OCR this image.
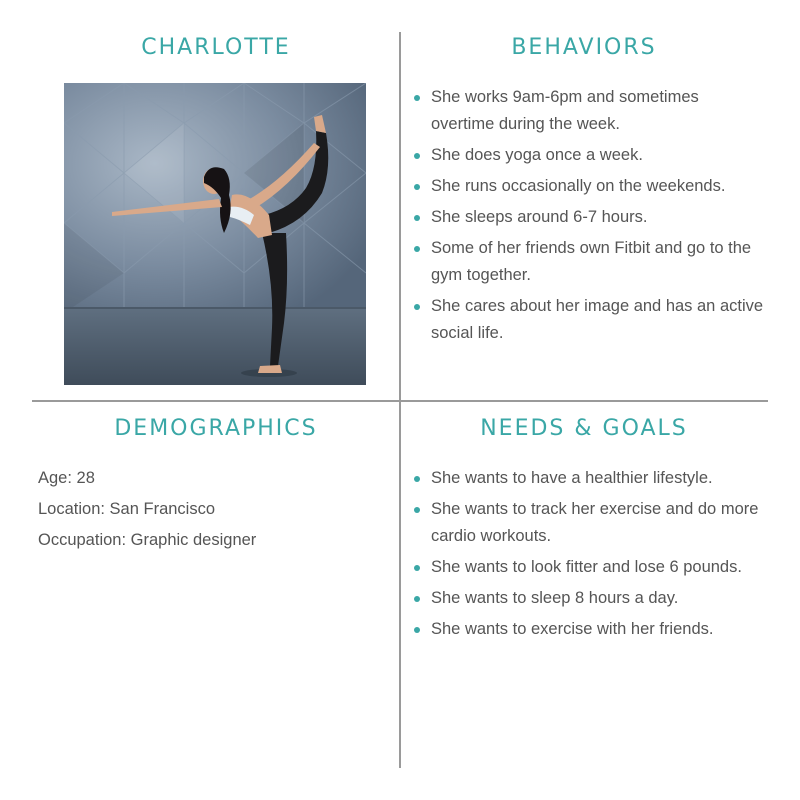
CHARLOTTE	BEHAVIORS
She works 9am-6pm and sometimes overtime during the week.
She does yoga once a week.
She runs occasionally on the weekends.
She sleeps around 6-7 hours.
Some of her friends own Fitbit and go to the gym together.
She cares about her image and has an active social life.
DEMOGRAPHICS
Age: 28
Location: San Francisco
Occupation: Graphic designer
NEEDS & GOALS
She wants to have a healthier lifestyle.
She wants to track her exercise and do more cardio workouts.
She wants to look fitter and lose 6 pounds.
She wants to sleep 8 hours a day.
She wants to exercise with her friends.
